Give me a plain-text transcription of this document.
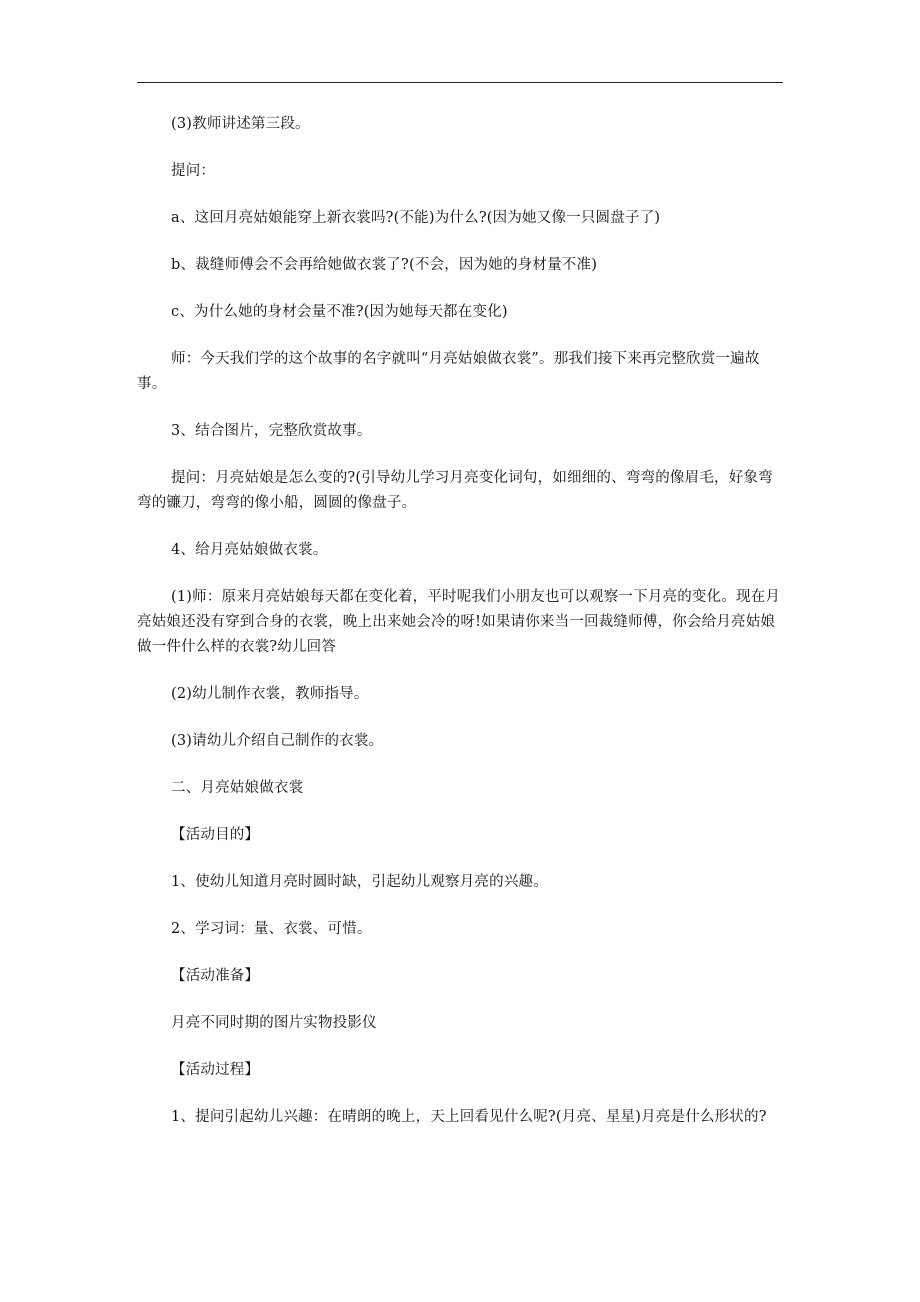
(3)教师讲述第三段。

提问：

a、这回月亮姑娘能穿上新衣裳吗?(不能)为什么?(因为她又像一只圆盘子了)

b、裁缝师傅会不会再给她做衣裳了?(不会，因为她的身材量不准)

c、为什么她的身材会量不准?(因为她每天都在变化)

师：今天我们学的这个故事的名字就叫“月亮姑娘做衣裳”。那我们接下来再完整欣赏一遍故事。

3、结合图片，完整欣赏故事。

提问：月亮姑娘是怎么变的?(引导幼儿学习月亮变化词句，如细细的、弯弯的像眉毛，好象弯弯的镰刀，弯弯的像小船，圆圆的像盘子。

4、给月亮姑娘做衣裳。

(1)师：原来月亮姑娘每天都在变化着，平时呢我们小朋友也可以观察一下月亮的变化。现在月亮姑娘还没有穿到合身的衣裳，晚上出来她会冷的呀!如果请你来当一回裁缝师傅，你会给月亮姑娘做一件什么样的衣裳?幼儿回答

(2)幼儿制作衣裳，教师指导。

(3)请幼儿介绍自己制作的衣裳。

二、月亮姑娘做衣裳

【活动目的】

1、使幼儿知道月亮时圆时缺，引起幼儿观察月亮的兴趣。

2、学习词：量、衣裳、可惜。

【活动准备】

月亮不同时期的图片实物投影仪

【活动过程】

1、提问引起幼儿兴趣：在晴朗的晚上，天上回看见什么呢?(月亮、星星)月亮是什么形状的?
